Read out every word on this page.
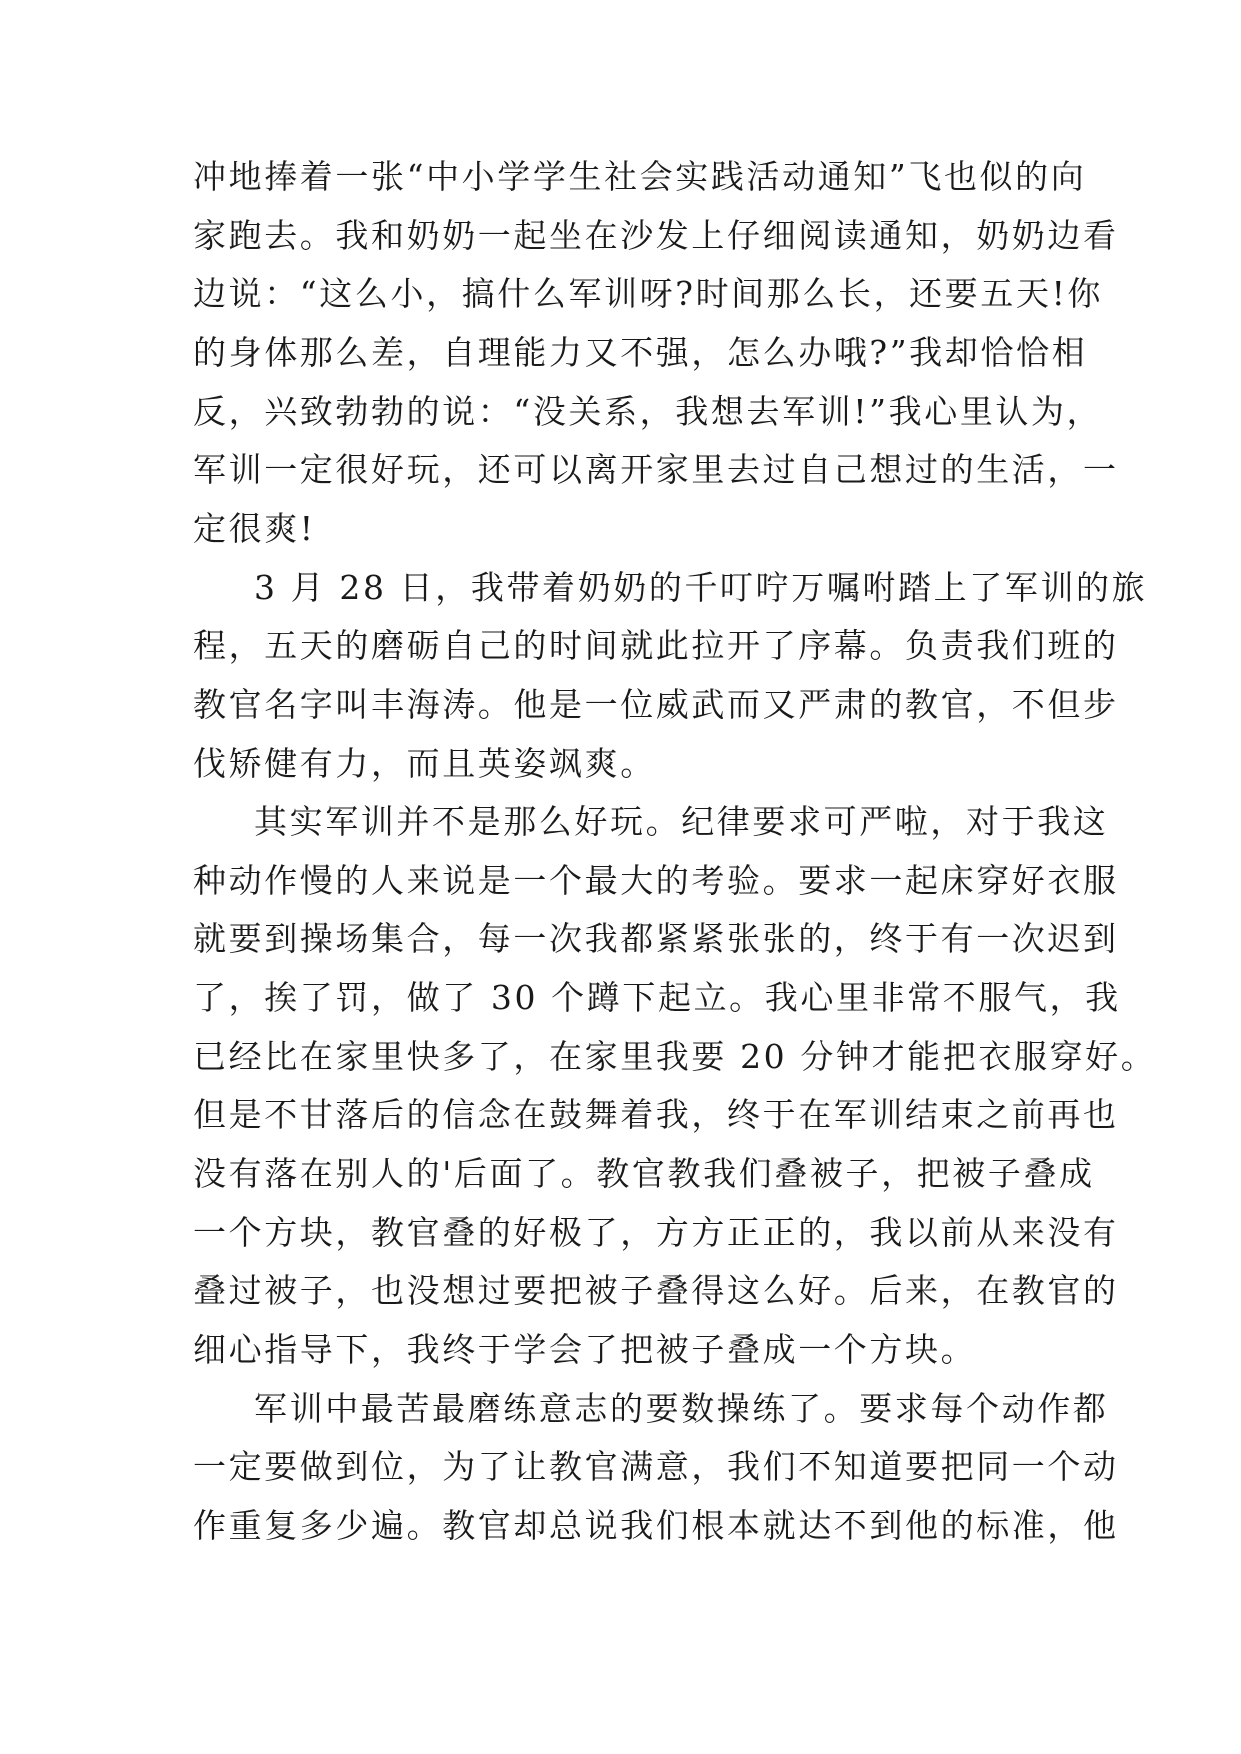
冲地捧着一张“中小学学生社会实践活动通知”飞也似的向
家跑去。我和奶奶一起坐在沙发上仔细阅读通知，奶奶边看
边说：“这么小，搞什么军训呀?时间那么长，还要五天!你
的身体那么差，自理能力又不强，怎么办哦?”我却恰恰相
反，兴致勃勃的说：“没关系，我想去军训!”我心里认为，
军训一定很好玩，还可以离开家里去过自己想过的生活，一
定很爽!
3 月 28 日，我带着奶奶的千叮咛万嘱咐踏上了军训的旅
程，五天的磨砺自己的时间就此拉开了序幕。负责我们班的
教官名字叫丰海涛。他是一位威武而又严肃的教官，不但步
伐矫健有力，而且英姿飒爽。
其实军训并不是那么好玩。纪律要求可严啦，对于我这
种动作慢的人来说是一个最大的考验。要求一起床穿好衣服
就要到操场集合，每一次我都紧紧张张的，终于有一次迟到
了，挨了罚，做了 30 个蹲下起立。我心里非常不服气，我
已经比在家里快多了，在家里我要 20 分钟才能把衣服穿好。
但是不甘落后的信念在鼓舞着我，终于在军训结束之前再也
没有落在别人的'后面了。教官教我们叠被子，把被子叠成
一个方块，教官叠的好极了，方方正正的，我以前从来没有
叠过被子，也没想过要把被子叠得这么好。后来，在教官的
细心指导下，我终于学会了把被子叠成一个方块。
军训中最苦最磨练意志的要数操练了。要求每个动作都
一定要做到位，为了让教官满意，我们不知道要把同一个动
作重复多少遍。教官却总说我们根本就达不到他的标准，他
